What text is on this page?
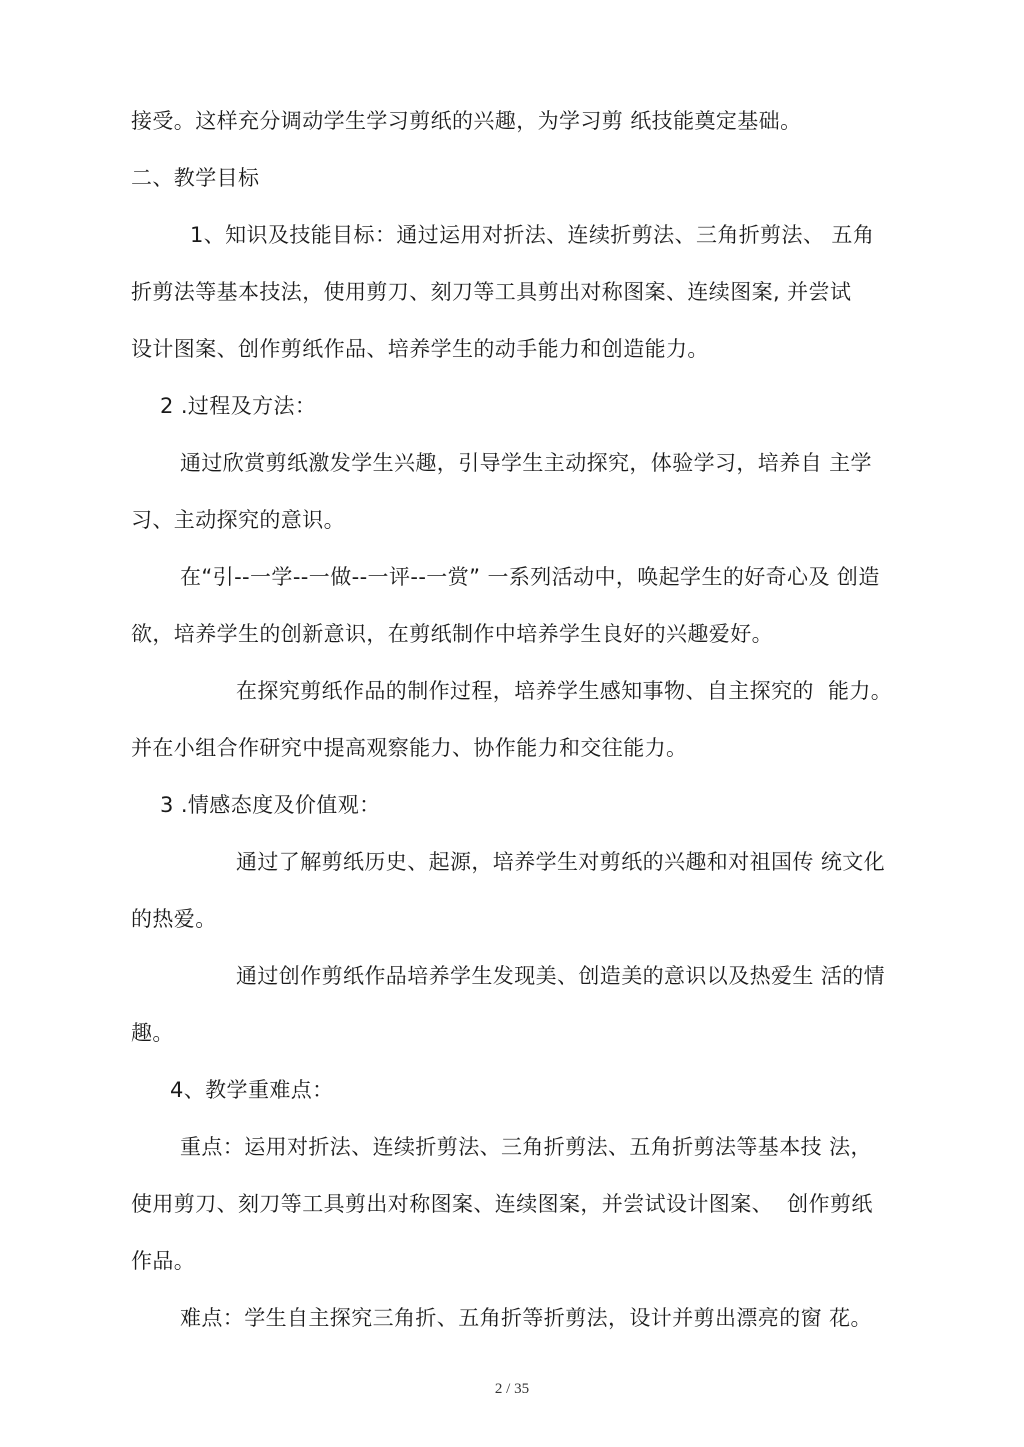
接受。这样充分调动学生学习剪纸的兴趣，为学习剪 纸技能奠定基础。
二、教学目标
1、知识及技能目标：通过运用对折法、连续折剪法、三角折剪法、 五角
折剪法等基本技法，使用剪刀、刻刀等工具剪出对称图案、连续图案, 并尝试
设计图案、创作剪纸作品、培养学生的动手能力和创造能力。
2 .过程及方法：
通过欣赏剪纸激发学生兴趣，引导学生主动探究，体验学习，培养自 主学
习、主动探究的意识。
在“引--一学--一做--一评--一赏” 一系列活动中，唤起学生的好奇心及 创造
欲，培养学生的创新意识，在剪纸制作中培养学生良好的兴趣爱好。
在探究剪纸作品的制作过程，培养学生感知事物、自主探究的  能力。
并在小组合作研究中提高观察能力、协作能力和交往能力。
3 .情感态度及价值观：
通过了解剪纸历史、起源，培养学生对剪纸的兴趣和对祖国传 统文化
的热爱。
通过创作剪纸作品培养学生发现美、创造美的意识以及热爱生 活的情
趣。
4、教学重难点：
重点：运用对折法、连续折剪法、三角折剪法、五角折剪法等基本技 法，
使用剪刀、刻刀等工具剪出对称图案、连续图案，并尝试设计图案、  创作剪纸
作品。
难点：学生自主探究三角折、五角折等折剪法，设计并剪出漂亮的窗 花。
2 / 35
